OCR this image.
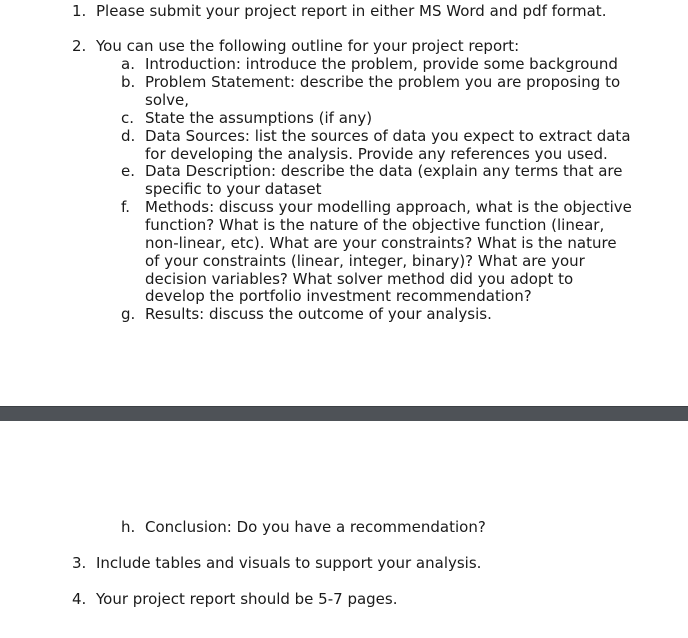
1. Please submit your project report in either MS Word and pdf format.
2. You can use the following outline for your project report:
a. Introduction: introduce the problem, provide some background
b. Problem Statement: describe the problem you are proposing to
solve,
c. State the assumptions (if any)
d. Data Sources: list the sources of data you expect to extract data
for developing the analysis. Provide any references you used.
e. Data Description: describe the data (explain any terms that are
specific to your dataset
f. Methods: discuss your modelling approach, what is the objective
function? What is the nature of the objective function (linear,
non-linear, etc). What are your constraints? What is the nature
of your constraints (linear, integer, binary)? What are your
decision variables? What solver method did you adopt to
develop the portfolio investment recommendation?
g. Results: discuss the outcome of your analysis.
h. Conclusion: Do you have a recommendation?
3. Include tables and visuals to support your analysis.
4. Your project report should be 5-7 pages.
